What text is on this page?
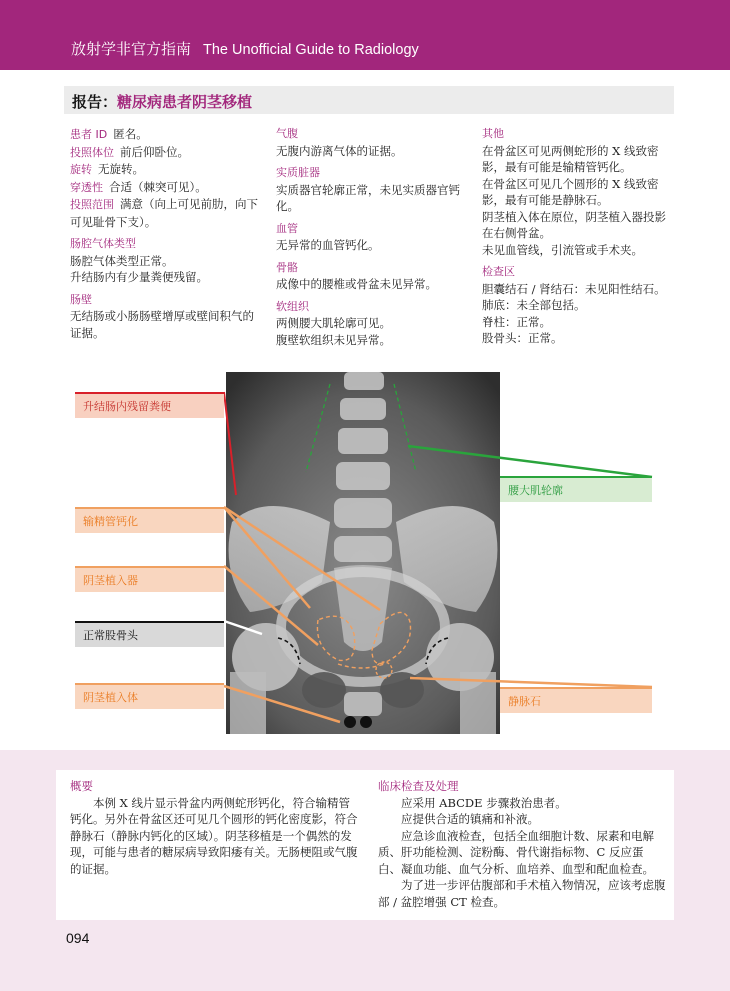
放射学非官方指南 The Unofficial Guide to Radiology
报告：糖尿病患者阴茎移植
患者 ID 匿名。
投照体位 前后仰卧位。
旋转 无旋转。
穿透性 合适（棘突可见）。
投照范围 满意（向上可见前肋，向下可见耻骨下支）。
肠腔气体类型
肠腔气体类型正常。
升结肠内有少量粪便残留。
肠壁
无结肠或小肠肠壁增厚或壁间积气的证据。
气腹
无腹内游离气体的证据。
实质脏器
实质器官轮廓正常，未见实质器官钙化。
血管
无异常的血管钙化。
骨骼
成像中的腰椎或骨盆未见异常。
软组织
两侧腰大肌轮廓可见。
腹壁软组织未见异常。
其他
在骨盆区可见两侧蛇形的 X 线致密影，最有可能是输精管钙化。
在骨盆区可见几个圆形的 X 线致密影，最有可能是静脉石。
阴茎植入体在原位，阴茎植入器投影在右侧骨盆。
未见血管线，引流管或手术夹。
检查区
胆囊结石 / 肾结石：未见阳性结石。
肺底：未全部包括。
脊柱：正常。
股骨头：正常。
升结肠内残留粪便
输精管钙化
阴茎植入器
正常股骨头
阴茎植入体
腰大肌轮廓
静脉石
概要

本例 X 线片显示骨盆内两侧蛇形钙化，符合输精管钙化。另外在骨盆区还可见几个圆形的钙化密度影，符合静脉石（静脉内钙化的区域）。阴茎移植是一个偶然的发现，可能与患者的糖尿病导致阳痿有关。无肠梗阻或气腹的证据。

临床检查及处理

应采用 ABCDE 步骤救治患者。

应提供合适的镇痛和补液。

应急诊血液检查，包括全血细胞计数、尿素和电解质、肝功能检测、淀粉酶、骨代谢指标物、C 反应蛋白、凝血功能、血气分析、血培养、血型和配血检查。

为了进一步评估腹部和手术植入物情况，应该考虑腹部 / 盆腔增强 CT 检查。

094
